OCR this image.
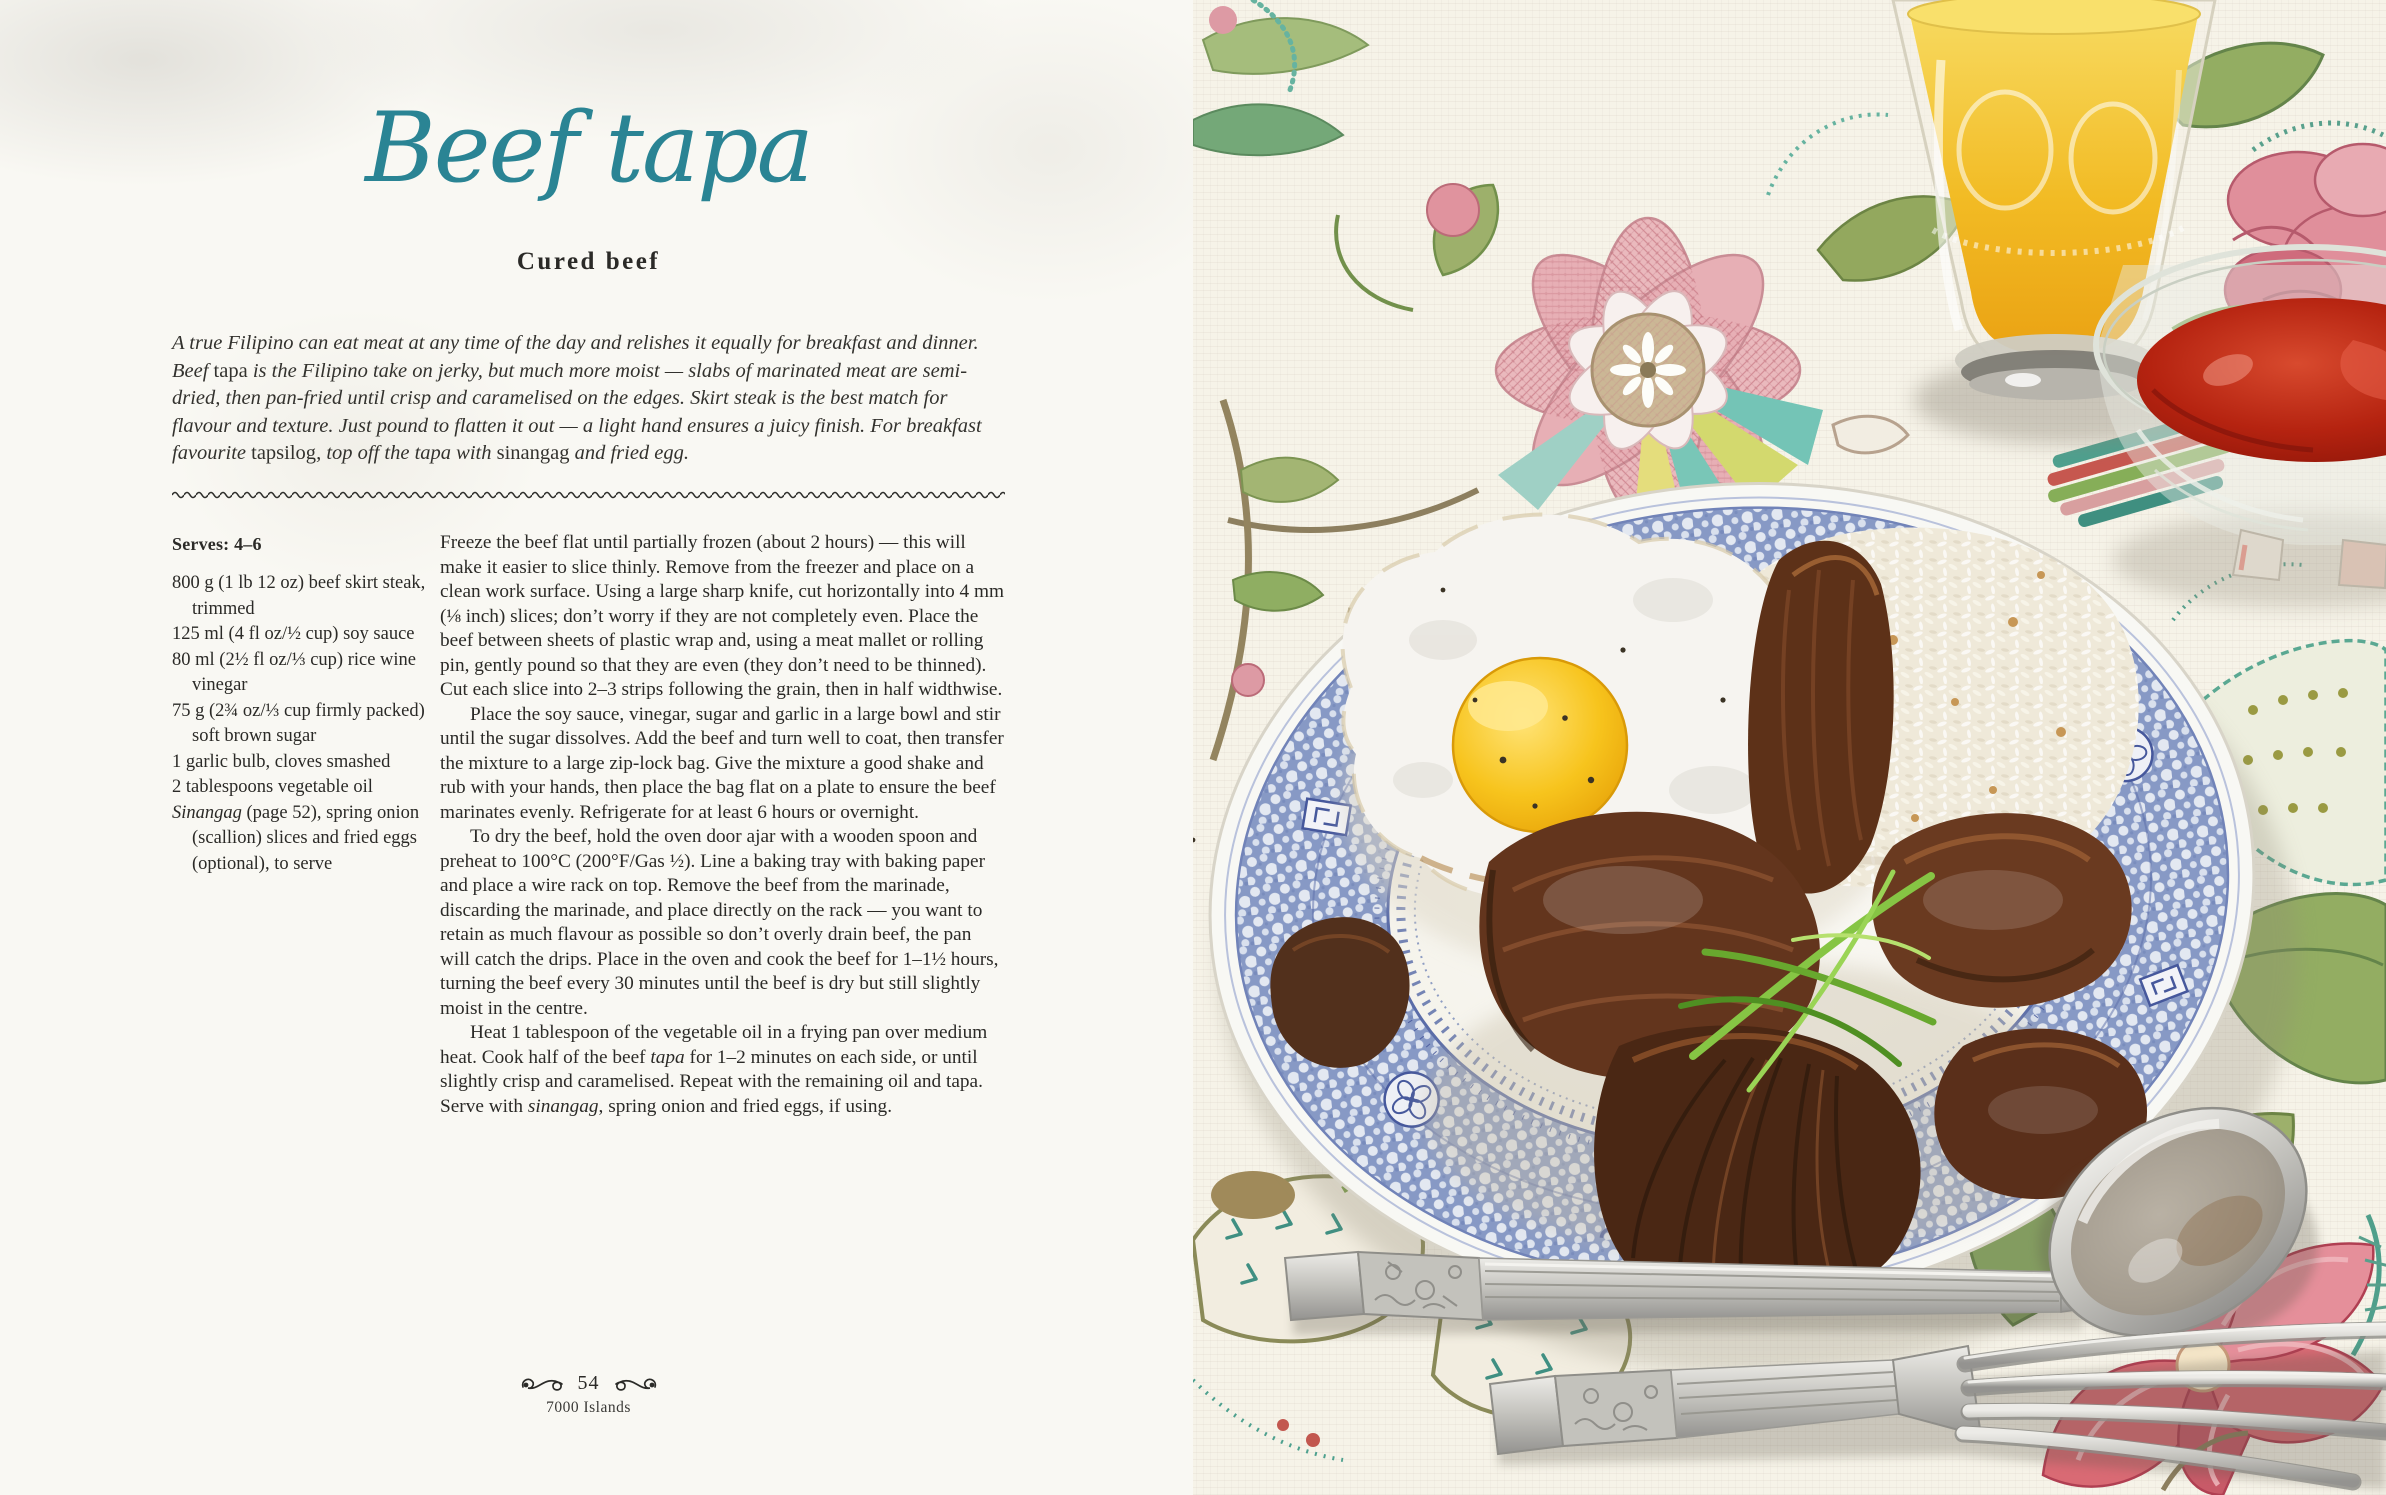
Beef tapa
Cured beef

A true Filipino can eat meat at any time of the day and relishes it equally for breakfast and dinner. Beef tapa is the Filipino take on jerky, but much more moist — slabs of marinated meat are semi-dried, then pan-fried until crisp and caramelised on the edges. Skirt steak is the best match for flavour and texture. Just pound to flatten it out — a light hand ensures a juicy finish. For breakfast favourite tapsilog, top off the tapa with sinangag and fried egg.

Serves: 4–6
800 g (1 lb 12 oz) beef skirt steak, trimmed
125 ml (4 fl oz/½ cup) soy sauce
80 ml (2½ fl oz/⅓ cup) rice wine vinegar
75 g (2¾ oz/⅓ cup firmly packed) soft brown sugar
1 garlic bulb, cloves smashed
2 tablespoons vegetable oil
Sinangag (page 52), spring onion (scallion) slices and fried eggs (optional), to serve

Freeze the beef flat until partially frozen (about 2 hours) — this will make it easier to slice thinly. Remove from the freezer and place on a clean work surface. Using a large sharp knife, cut horizontally into 4 mm (⅛ inch) slices; don’t worry if they are not completely even. Place the beef between sheets of plastic wrap and, using a meat mallet or rolling pin, gently pound so that they are even (they don’t need to be thinned). Cut each slice into 2–3 strips following the grain, then in half widthwise.

Place the soy sauce, vinegar, sugar and garlic in a large bowl and stir until the sugar dissolves. Add the beef and turn well to coat, then transfer the mixture to a large zip-lock bag. Give the mixture a good shake and rub with your hands, then place the bag flat on a plate to ensure the beef marinates evenly. Refrigerate for at least 6 hours or overnight.

To dry the beef, hold the oven door ajar with a wooden spoon and preheat to 100°C (200°F/Gas ½). Line a baking tray with baking paper and place a wire rack on top. Remove the beef from the marinade, discarding the marinade, and place directly on the rack — you want to retain as much flavour as possible so don’t overly drain beef, the pan will catch the drips. Place in the oven and cook the beef for 1–1½ hours, turning the beef every 30 minutes until the beef is dry but still slightly moist in the centre.

Heat 1 tablespoon of the vegetable oil in a frying pan over medium heat. Cook half of the beef tapa for 1–2 minutes on each side, or until slightly crisp and caramelised. Repeat with the remaining oil and tapa. Serve with sinangag, spring onion and fried eggs, if using.

54
7000 Islands
